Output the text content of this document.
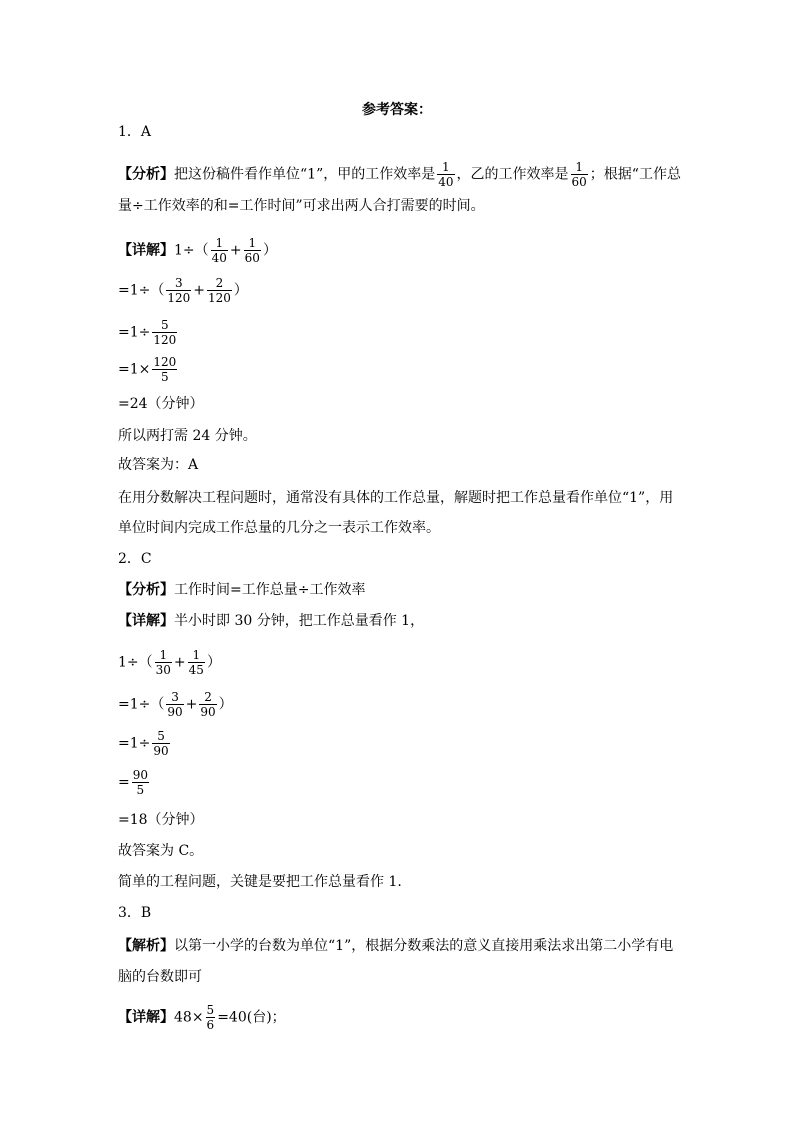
参考答案：
1．A
【分析】把这份稿件看作单位“1”，甲的工作效率是 $\frac{1}{40}$ ，乙的工作效率是 $\frac{1}{60}$ ；根据“工作总
量÷工作效率的和=工作时间”可求出两人合打需要的时间。
【详解】$1\div( \frac{1}{40} + \frac{1}{60}$ ）
$=1\div( \frac{3}{120} + \frac{2}{120}$ ）
$=1\div \frac{5}{120}$
$=1\times \frac{120}{5}$
=24（分钟）
所以两打需 24 分钟。
故答案为：A
在用分数解决工程问题时，通常没有具体的工作总量，解题时把工作总量看作单位“1”，用
单位时间内完成工作总量的几分之一表示工作效率。
2．C
【分析】工作时间=工作总量÷工作效率
【详解】半小时即 30 分钟，把工作总量看作 1，
$1\div( \frac{1}{30} + \frac{1}{45}$ ）
$=1\div( \frac{3}{90} + \frac{2}{90}$ ）
$=1\div \frac{5}{90}$
= $\frac{90}{5}$
=18（分钟）
故答案为 C。
简单的工程问题，关键是要把工作总量看作 1.
3．B
【解析】以第一小学的台数为单位“1”，根据分数乘法的意义直接用乘法求出第二小学有电
脑的台数即可
【详解】$48\times \frac{5}{6} =40$(台)；
